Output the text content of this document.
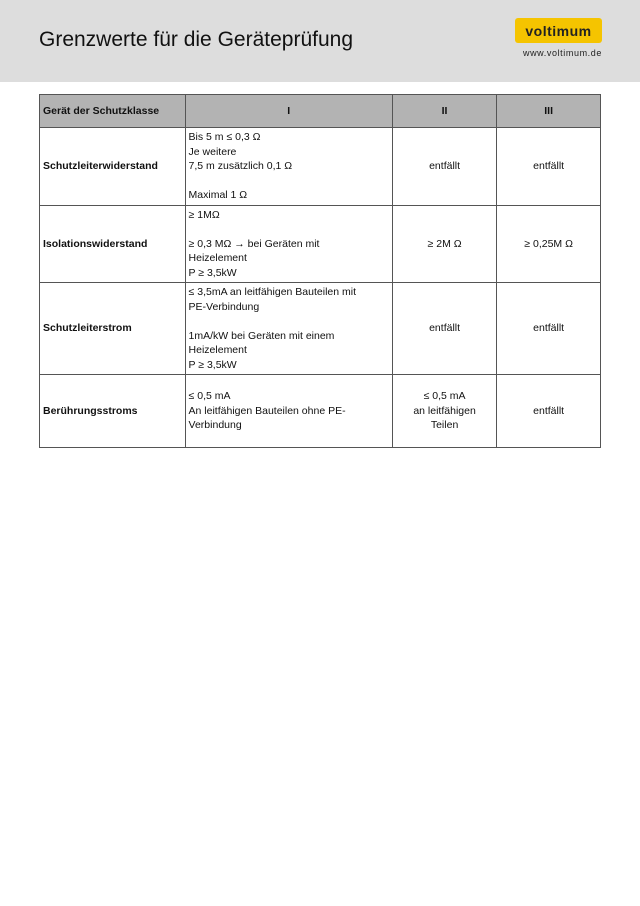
Grenzwerte für die Geräteprüfung	voltimum
www.voltimum.de
Gerät der Schutzklasse	I	II	III
Schutzleiterwiderstand	Bis 5 m ≤ 0,3 Ω
Je weitere
7,5 m zusätzlich 0,1 Ω
Maximal 1 Ω	entfällt	entfällt
Isolationswiderstand	≥ 1MΩ
≥ 0,3 MΩ → bei Geräten mit
Heizelement
P ≥ 3,5kW	≥ 2M Ω	≥ 0,25M Ω
Schutzleiterstrom	≤ 3,5mA an leitfähigen Bauteilen mit
PE-Verbindung
1mA/kW bei Geräten mit einem
Heizelement
P ≥ 3,5kW	entfällt	entfällt
Berührungsstroms	≤ 0,5 mA
An leitfähigen Bauteilen ohne PE-
Verbindung	≤ 0,5 mA
an leitfähigen
Teilen	entfällt
